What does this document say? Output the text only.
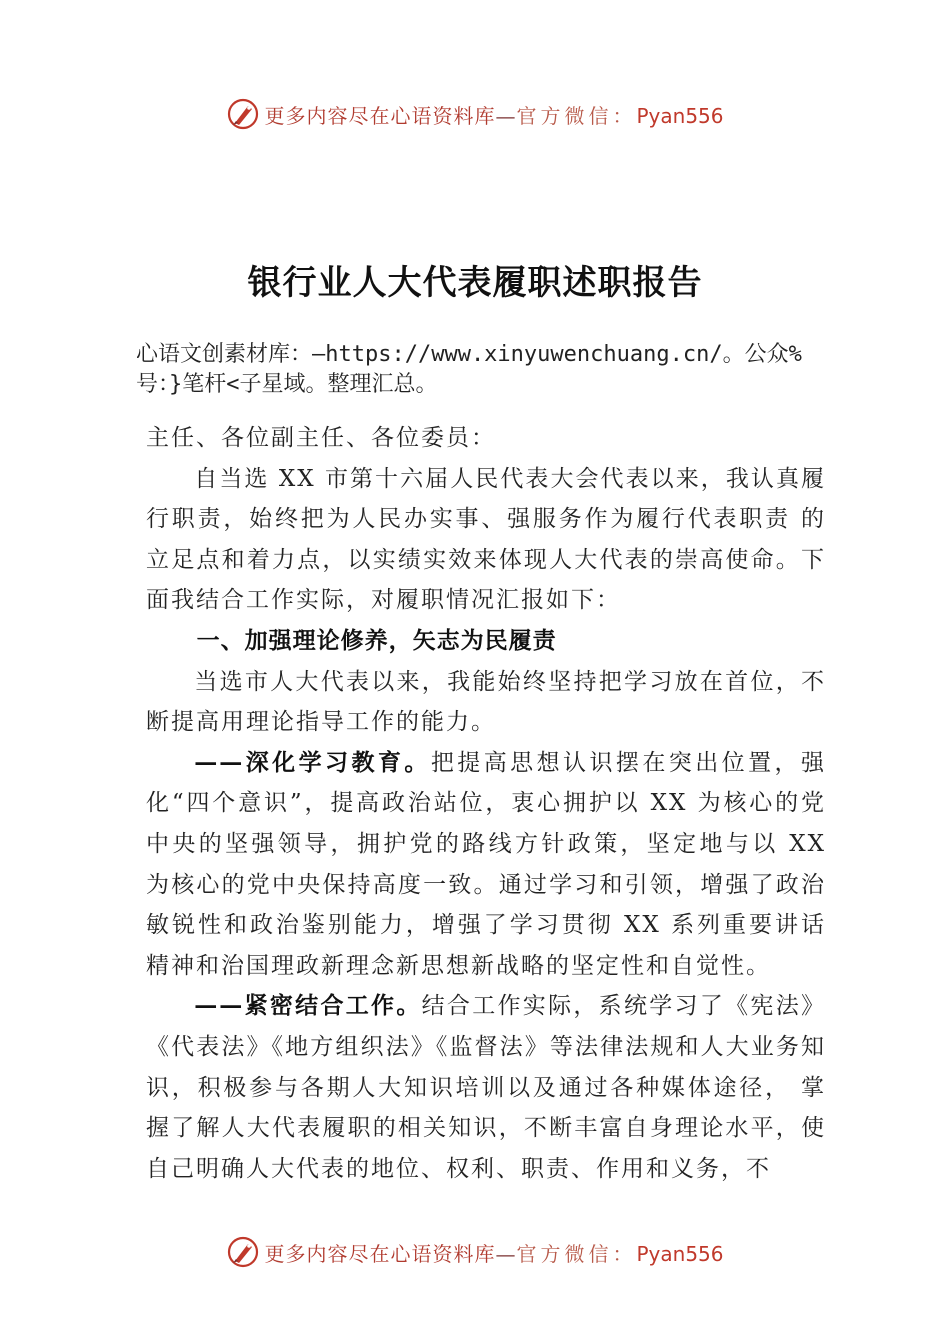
更多内容尽在心语资料库—官方微信：Pyan556
银行业人大代表履职述职报告
心语文创素材库：—https://www.xinyuwenchuang.cn/。公众%号：}笔杆<子星域。整理汇总。

主任、各位副主任、各位委员：

自当选 XX 市第十六届人民代表大会代表以来，我认真履行职责，始终把为人民办实事、强服务作为履行代表职责 的立足点和着力点，以实绩实效来体现人大代表的崇高使命。下面我结合工作实际，对履职情况汇报如下：

一、加强理论修养，矢志为民履责

当选市人大代表以来，我能始终坚持把学习放在首位，不断提高用理论指导工作的能力。

——深化学习教育。把提高思想认识摆在突出位置，强化“四个意识”，提高政治站位，衷心拥护以 XX 为核心的党中央的坚强领导，拥护党的路线方针政策，坚定地与以 XX 为核心的党中央保持高度一致。通过学习和引领，增强了政治敏锐性和政治鉴别能力，增强了学习贯彻 XX 系列重要讲话精神和治国理政新理念新思想新战略的坚定性和自觉性。

——紧密结合工作。结合工作实际，系统学习了《宪法》《代表法》《地方组织法》《监督法》等法律法规和人大业务知识，积极参与各期人大知识培训以及通过各种媒体途径， 掌握了解人大代表履职的相关知识，不断丰富自身理论水平，使自己明确人大代表的地位、权利、职责、作用和义务，不

更多内容尽在心语资料库—官方微信：Pyan556
